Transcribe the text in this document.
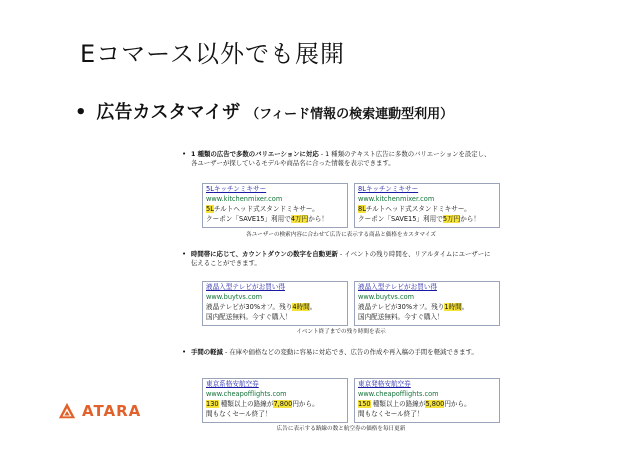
Eコマース以外でも展開
• 広告カスタマイザ （フィード情報の検索連動型利用）
• 1 種類の広告で多数のバリエーションに対応 - 1 種類のテキスト広告に多数のバリエーションを設定し、各ユーザーが探しているモデルや商品名に合った情報を表示できます。
5Lキッチンミキサー
www.kitchenmixer.com
5Lチルトヘッド式スタンドミキサー。
クーポン「SAVE15」利用で4万円から！
8Lキッチンミキサー
www.kitchenmixer.com
8Lチルトヘッド式スタンドミキサー。
クーポン「SAVE15」利用で5万円から！
各ユーザーの検索内容に合わせて広告に表示する商品と価格をカスタマイズ
• 時間帯に応じて、カウントダウンの数字を自動更新 - イベントの残り時間を、リアルタイムにユーザーに伝えることができます。
液晶入型テレビがお買い得
www.buytvs.com
液晶テレビが30%オフ。残り4時間。
国内配送無料。今すぐ購入！
液晶入型テレビがお買い得
www.buytvs.com
液晶テレビが30%オフ。残り1時間。
国内配送無料。今すぐ購入！
イベント終了までの残り時間を表示
• 手間の軽減 - 在庫や価格などの変動に容易に対応でき、広告の作成や再入稿の手間を軽減できます。
東京系格安航空券
www.cheapofflights.com
130 種類以上の路線が7,800円から。
間もなくセール終了！
東京発格安航空券
www.cheapofflights.com
150 種類以上の路線が5,800円から。
間もなくセール終了！
広告に表示する路線の数と航空券の価格を毎日更新
ATARA
